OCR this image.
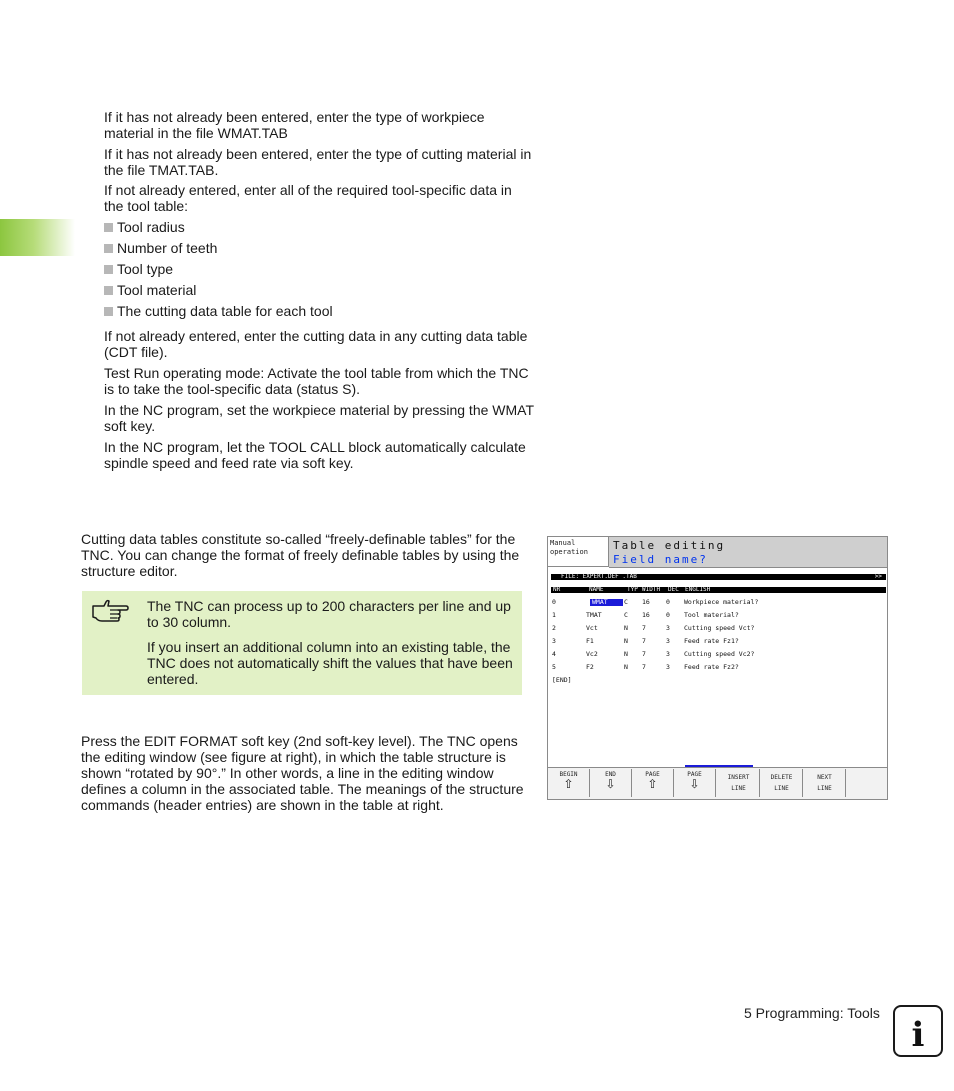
If it has not already been entered, enter the type of workpiece material in the file WMAT.TAB

If it has not already been entered, enter the type of cutting material in the file TMAT.TAB.

If not already entered, enter all of the required tool-specific data in the tool table:

Tool radius

Number of teeth

Tool type

Tool material

The cutting data table for each tool

If not already entered, enter the cutting data in any cutting data table (CDT file).

Test Run operating mode: Activate the tool table from which the TNC is to take the tool-specific data (status S).

In the NC program, set the workpiece material by pressing the WMAT soft key.

In the NC program, let the TOOL CALL block automatically calculate spindle speed and feed rate via soft key.

Cutting data tables constitute so-called “freely-definable tables” for the TNC. You can change the format of freely definable tables by using the structure editor.

The TNC can process up to 200 characters per line and up to 30 column.

If you insert an additional column into an existing table, the TNC does not automatically shift the values that have been entered.

Press the EDIT FORMAT soft key (2nd soft-key level). The TNC opens the editing window (see figure at right), in which the table structure is shown “rotated by 90°.” In other words, a line in the editing window defines a column in the associated table. The meanings of the structure commands (header entries) are shown in the table at right.

Manual
operation	Table editing
Field name?
FILE: EXPERT.DEF .TAB	>>
NR	NAME	TYP WIDTH DEC ENGLISH
0	WMAT	C 16 0 Workpiece material?
1	TMAT	C 16 0 Tool material?
2	Vct	N 7	3 Cutting speed Vct?
3	F1	N 7	3 Feed rate Fz1?
4	Vc2	N 7	3 Cutting speed Vc2?
5	F2	N 7	3 Feed rate Fz2?
[END]
BEGIN
⇧
END
⇩
PAGE
⇧
PAGE
⇩	INSERT
LINE
DELETE
LINE
NEXT
LINE
5 Programming: Tools
i
